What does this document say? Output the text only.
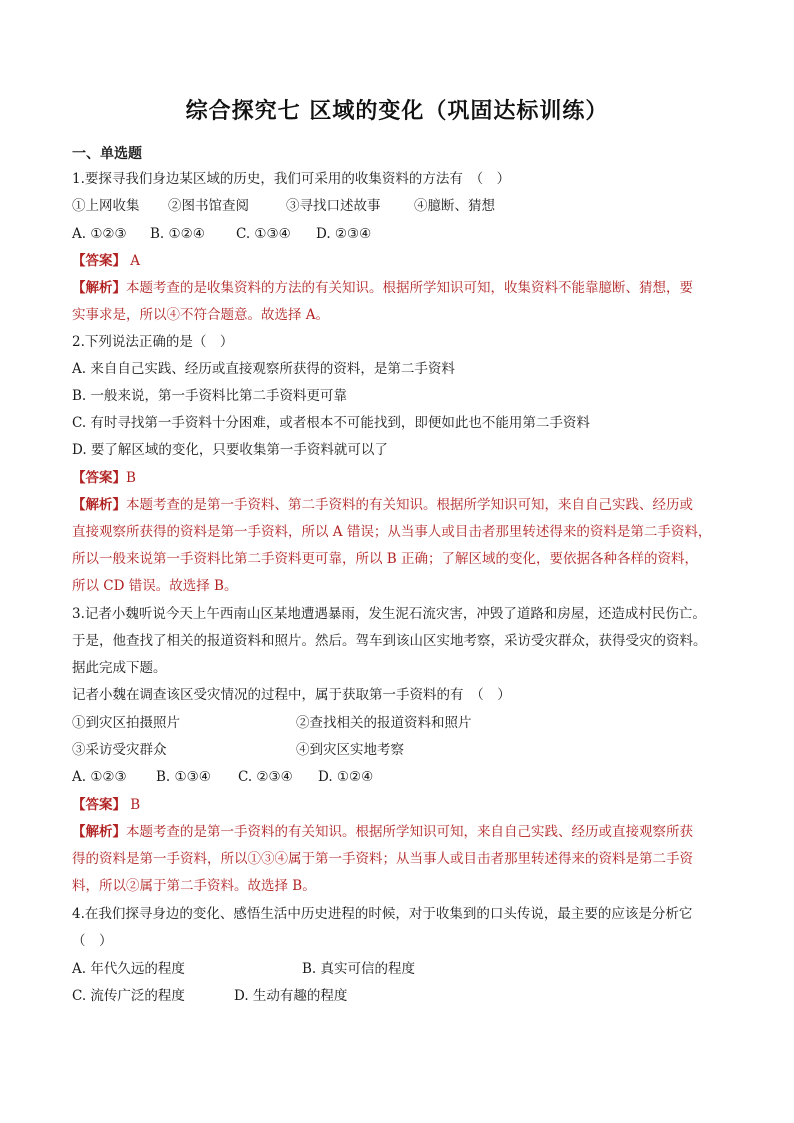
综合探究七 区域的变化（巩固达标训练）
一、单选题
1.要探寻我们身边某区域的历史，我们可采用的收集资料的方法有　（　）
①上网收集 ②图书馆查阅	③寻找口述故事 ④臆断、猜想
A. ①②③ B. ①②④ C. ①③④ D. ②③④
【答案】 A
【解析】本题考查的是收集资料的方法的有关知识。根据所学知识可知，收集资料不能靠臆断、猜想，要
实事求是，所以④不符合题意。故选择 A。
2.下列说法正确的是（　）
A. 来自自己实践、经历或直接观察所获得的资料，是第二手资料
B. 一般来说，第一手资料比第二手资料更可靠
C. 有时寻找第一手资料十分困难，或者根本不可能找到，即便如此也不能用第二手资料
D. 要了解区域的变化，只要收集第一手资料就可以了
【答案】B
【解析】本题考查的是第一手资料、第二手资料的有关知识。根据所学知识可知，来自自己实践、经历或
直接观察所获得的资料是第一手资料，所以 A 错误；从当事人或目击者那里转述得来的资料是第二手资料，
所以一般来说第一手资料比第二手资料更可靠，所以 B 正确；了解区域的变化，要依据各种各样的资料，
所以 CD 错误。故选择 B。
3.记者小魏听说今天上午西南山区某地遭遇暴雨，发生泥石流灾害，冲毁了道路和房屋，还造成村民伤亡。
于是，他查找了相关的报道资料和照片。然后。驾车到该山区实地考察，采访受灾群众，获得受灾的资料。
据此完成下题。
记者小魏在调查该区受灾情况的过程中，属于获取第一手资料的有　（　）
①到灾区拍摄照片	②查找相关的报道资料和照片
③采访受灾群众	④到灾区实地考察
A. ①②③ B. ①③④ C. ②③④ D. ①②④
【答案】 B
【解析】本题考查的是第一手资料的有关知识。根据所学知识可知，来自自己实践、经历或直接观察所获
得的资料是第一手资料，所以①③④属于第一手资料；从当事人或目击者那里转述得来的资料是第二手资
料，所以②属于第二手资料。故选择 B。
4.在我们探寻身边的变化、感悟生活中历史进程的时候，对于收集到的口头传说，最主要的应该是分析它
（　）
A. 年代久远的程度	B. 真实可信的程度
C. 流传广泛的程度	D. 生动有趣的程度
